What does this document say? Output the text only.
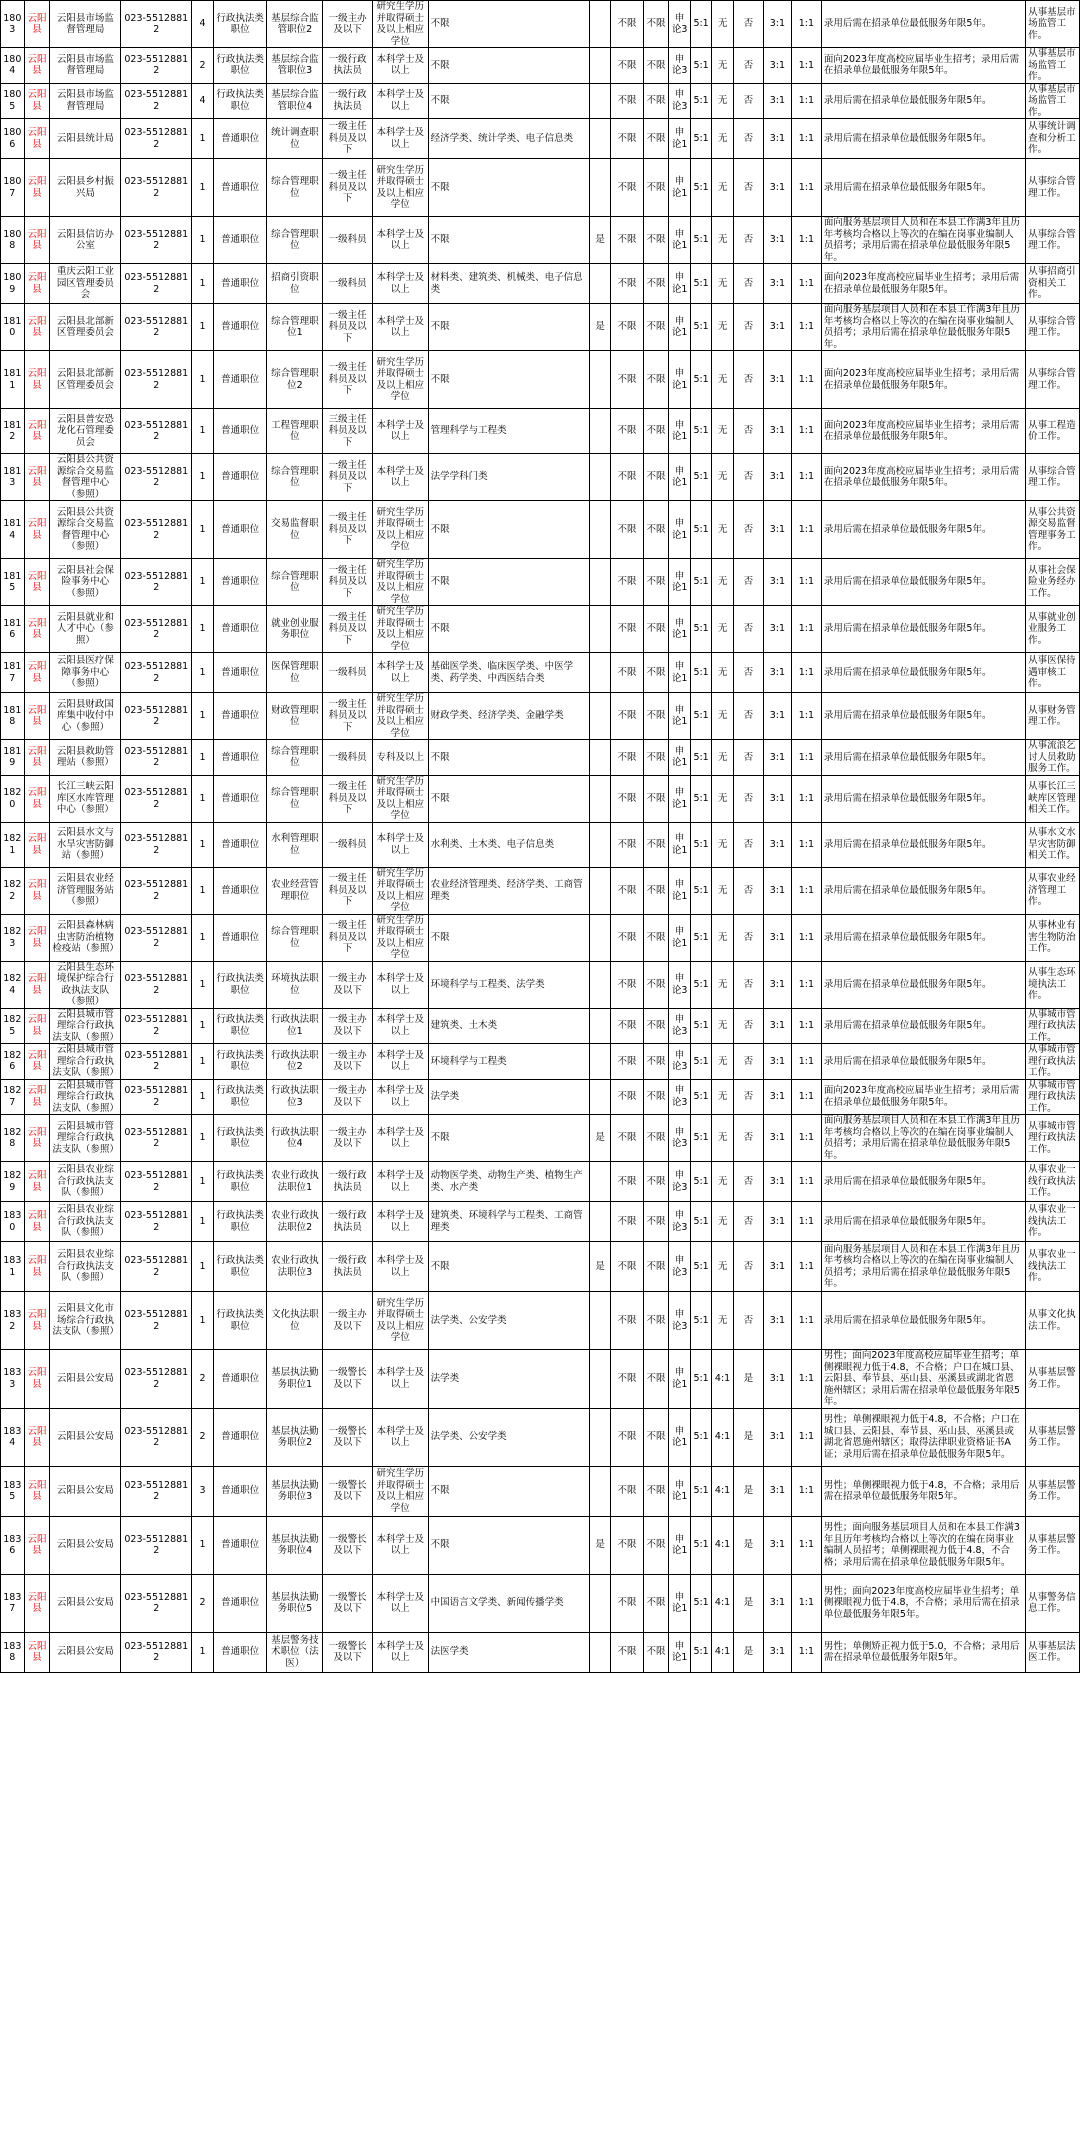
1803	云阳县	云阳县市场监督管理局	023-55128812	4	行政执法类职位	基层综合监管职位2	一级主办及以下	研究生学历并取得硕士及以上相应学位	不限		不限	不限	申论3	5:1	无	否	3:1	1:1	录用后需在招录单位最低服务年限5年。	从事基层市场监管工作。
1804	云阳县	云阳县市场监督管理局	023-55128812	2	行政执法类职位	基层综合监管职位3	一级行政执法员	本科学士及以上	不限		不限	不限	申论3	5:1	无	否	3:1	1:1	面向2023年度高校应届毕业生招考；录用后需在招录单位最低服务年限5年。	从事基层市场监管工作。
1805	云阳县	云阳县市场监督管理局	023-55128812	4	行政执法类职位	基层综合监管职位4	一级行政执法员	本科学士及以上	不限		不限	不限	申论3	5:1	无	否	3:1	1:1	录用后需在招录单位最低服务年限5年。	从事基层市场监管工作。
1806	云阳县	云阳县统计局	023-55128812	1	普通职位	统计调查职位	一级主任科员及以下	本科学士及以上	经济学类、统计学类、电子信息类		不限	不限	申论1	5:1	无	否	3:1	1:1	录用后需在招录单位最低服务年限5年。	从事统计调查和分析工作。
1807	云阳县	云阳县乡村振兴局	023-55128812	1	普通职位	综合管理职位	一级主任科员及以下	研究生学历并取得硕士及以上相应学位	不限		不限	不限	申论1	5:1	无	否	3:1	1:1	录用后需在招录单位最低服务年限5年。	从事综合管理工作。
1808	云阳县	云阳县信访办公室	023-55128812	1	普通职位	综合管理职位	一级科员	本科学士及以上	不限	是	不限	不限	申论1	5:1	无	否	3:1	1:1	面向服务基层项目人员和在本县工作满3年且历年考核均合格以上等次的在编在岗事业编制人员招考；录用后需在招录单位最低服务年限5年。	从事综合管理工作。
1809	云阳县	重庆云阳工业园区管理委员会	023-55128812	1	普通职位	招商引资职位	一级科员	本科学士及以上	材料类、建筑类、机械类、电子信息类		不限	不限	申论1	5:1	无	否	3:1	1:1	面向2023年度高校应届毕业生招考；录用后需在招录单位最低服务年限5年。	从事招商引资相关工作。
1810	云阳县	云阳县北部新区管理委员会	023-55128812	1	普通职位	综合管理职位1	一级主任科员及以下	本科学士及以上	不限	是	不限	不限	申论1	5:1	无	否	3:1	1:1	面向服务基层项目人员和在本县工作满3年且历年考核均合格以上等次的在编在岗事业编制人员招考；录用后需在招录单位最低服务年限5年。	从事综合管理工作。
1811	云阳县	云阳县北部新区管理委员会	023-55128812	1	普通职位	综合管理职位2	一级主任科员及以下	研究生学历并取得硕士及以上相应学位	不限		不限	不限	申论1	5:1	无	否	3:1	1:1	面向2023年度高校应届毕业生招考；录用后需在招录单位最低服务年限5年。	从事综合管理工作。
1812	云阳县	云阳县普安恐龙化石管理委员会	023-55128812	1	普通职位	工程管理职位	三级主任科员及以下	本科学士及以上	管理科学与工程类		不限	不限	申论1	5:1	无	否	3:1	1:1	面向2023年度高校应届毕业生招考；录用后需在招录单位最低服务年限5年。	从事工程造价工作。
1813	云阳县	云阳县公共资源综合交易监督管理中心（参照）	023-55128812	1	普通职位	综合管理职位	一级主任科员及以下	本科学士及以上	法学学科门类		不限	不限	申论1	5:1	无	否	3:1	1:1	面向2023年度高校应届毕业生招考；录用后需在招录单位最低服务年限5年。	从事综合管理工作。
1814	云阳县	云阳县公共资源综合交易监督管理中心（参照）	023-55128812	1	普通职位	交易监督职位	一级主任科员及以下	研究生学历并取得硕士及以上相应学位	不限		不限	不限	申论1	5:1	无	否	3:1	1:1	录用后需在招录单位最低服务年限5年。	从事公共资源交易监督管理事务工作。
1815	云阳县	云阳县社会保险事务中心（参照）	023-55128812	1	普通职位	综合管理职位	一级主任科员及以下	研究生学历并取得硕士及以上相应学位	不限		不限	不限	申论1	5:1	无	否	3:1	1:1	录用后需在招录单位最低服务年限5年。	从事社会保险业务经办工作。
1816	云阳县	云阳县就业和人才中心（参照）	023-55128812	1	普通职位	就业创业服务职位	一级主任科员及以下	研究生学历并取得硕士及以上相应学位	不限		不限	不限	申论1	5:1	无	否	3:1	1:1	录用后需在招录单位最低服务年限5年。	从事就业创业服务工作。
1817	云阳县	云阳县医疗保障事务中心（参照）	023-55128812	1	普通职位	医保管理职位	一级科员	本科学士及以上	基础医学类、临床医学类、中医学类、药学类、中西医结合类		不限	不限	申论1	5:1	无	否	3:1	1:1	录用后需在招录单位最低服务年限5年。	从事医保待遇审核工作。
1818	云阳县	云阳县财政国库集中收付中心（参照）	023-55128812	1	普通职位	财政管理职位	一级主任科员及以下	研究生学历并取得硕士及以上相应学位	财政学类、经济学类、金融学类		不限	不限	申论1	5:1	无	否	3:1	1:1	录用后需在招录单位最低服务年限5年。	从事财务管理工作。
1819	云阳县	云阳县救助管理站（参照）	023-55128812	1	普通职位	综合管理职位	一级科员	专科及以上	不限		不限	不限	申论1	5:1	无	否	3:1	1:1	录用后需在招录单位最低服务年限5年。	从事流浪乞讨人员救助服务工作。
1820	云阳县	长江三峡云阳库区水库管理中心（参照）	023-55128812	1	普通职位	综合管理职位	一级主任科员及以下	研究生学历并取得硕士及以上相应学位	不限		不限	不限	申论1	5:1	无	否	3:1	1:1	录用后需在招录单位最低服务年限5年。	从事长江三峡库区管理相关工作。
1821	云阳县	云阳县水文与水旱灾害防御站（参照）	023-55128812	1	普通职位	水利管理职位	一级科员	本科学士及以上	水利类、土木类、电子信息类		不限	不限	申论1	5:1	无	否	3:1	1:1	录用后需在招录单位最低服务年限5年。	从事水文水旱灾害防御相关工作。
1822	云阳县	云阳县农业经济管理服务站（参照）	023-55128812	1	普通职位	农业经营管理职位	一级主任科员及以下	研究生学历并取得硕士及以上相应学位	农业经济管理类、经济学类、工商管理类		不限	不限	申论1	5:1	无	否	3:1	1:1	录用后需在招录单位最低服务年限5年。	从事农业经济管理工作。
1823	云阳县	云阳县森林病虫害防治植物检疫站（参照）	023-55128812	1	普通职位	综合管理职位	一级主任科员及以下	研究生学历并取得硕士及以上相应学位	不限		不限	不限	申论1	5:1	无	否	3:1	1:1	录用后需在招录单位最低服务年限5年。	从事林业有害生物防治工作。
1824	云阳县	云阳县生态环境保护综合行政执法支队（参照）	023-55128812	1	行政执法类职位	环境执法职位	一级主办及以下	本科学士及以上	环境科学与工程类、法学类		不限	不限	申论3	5:1	无	否	3:1	1:1	录用后需在招录单位最低服务年限5年。	从事生态环境执法工作。
1825	云阳县	云阳县城市管理综合行政执法支队（参照）	023-55128812	1	行政执法类职位	行政执法职位1	一级主办及以下	本科学士及以上	建筑类、土木类		不限	不限	申论3	5:1	无	否	3:1	1:1	录用后需在招录单位最低服务年限5年。	从事城市管理行政执法工作。
1826	云阳县	云阳县城市管理综合行政执法支队（参照）	023-55128812	1	行政执法类职位	行政执法职位2	一级主办及以下	本科学士及以上	环境科学与工程类		不限	不限	申论3	5:1	无	否	3:1	1:1	录用后需在招录单位最低服务年限5年。	从事城市管理行政执法工作。
1827	云阳县	云阳县城市管理综合行政执法支队（参照）	023-55128812	1	行政执法类职位	行政执法职位3	一级主办及以下	本科学士及以上	法学类		不限	不限	申论3	5:1	无	否	3:1	1:1	面向2023年度高校应届毕业生招考；录用后需在招录单位最低服务年限5年。	从事城市管理行政执法工作。
1828	云阳县	云阳县城市管理综合行政执法支队（参照）	023-55128812	1	行政执法类职位	行政执法职位4	一级主办及以下	本科学士及以上	不限	是	不限	不限	申论3	5:1	无	否	3:1	1:1	面向服务基层项目人员和在本县工作满3年且历年考核均合格以上等次的在编在岗事业编制人员招考；录用后需在招录单位最低服务年限5年。	从事城市管理行政执法工作。
1829	云阳县	云阳县农业综合行政执法支队（参照）	023-55128812	1	行政执法类职位	农业行政执法职位1	一级行政执法员	本科学士及以上	动物医学类、动物生产类、植物生产类、水产类		不限	不限	申论3	5:1	无	否	3:1	1:1	录用后需在招录单位最低服务年限5年。	从事农业一线行政执法工作。
1830	云阳县	云阳县农业综合行政执法支队（参照）	023-55128812	1	行政执法类职位	农业行政执法职位2	一级行政执法员	本科学士及以上	建筑类、环境科学与工程类、工商管理类		不限	不限	申论3	5:1	无	否	3:1	1:1	录用后需在招录单位最低服务年限5年。	从事农业一线执法工作。
1831	云阳县	云阳县农业综合行政执法支队（参照）	023-55128812	1	行政执法类职位	农业行政执法职位3	一级行政执法员	本科学士及以上	不限	是	不限	不限	申论3	5:1	无	否	3:1	1:1	面向服务基层项目人员和在本县工作满3年且历年考核均合格以上等次的在编在岗事业编制人员招考；录用后需在招录单位最低服务年限5年。	从事农业一线执法工作。
1832	云阳县	云阳县文化市场综合行政执法支队（参照）	023-55128812	1	行政执法类职位	文化执法职位	一级主办及以下	研究生学历并取得硕士及以上相应学位	法学类、公安学类		不限	不限	申论3	5:1	无	否	3:1	1:1	录用后需在招录单位最低服务年限5年。	从事文化执法工作。
1833	云阳县	云阳县公安局	023-55128812	2	普通职位	基层执法勤务职位1	一级警长及以下	本科学士及以上	法学类		不限	不限	申论1	5:1	4:1	是	3:1	1:1	男性；面向2023年度高校应届毕业生招考；单侧裸眼视力低于4.8，不合格；户口在城口县、云阳县、奉节县、巫山县、巫溪县或湖北省恩施州辖区；录用后需在招录单位最低服务年限5年。	从事基层警务工作。
1834	云阳县	云阳县公安局	023-55128812	2	普通职位	基层执法勤务职位2	一级警长及以下	本科学士及以上	法学类、公安学类		不限	不限	申论1	5:1	4:1	是	3:1	1:1	男性；单侧裸眼视力低于4.8，不合格；户口在城口县、云阳县、奉节县、巫山县、巫溪县或湖北省恩施州辖区；取得法律职业资格证书A证；录用后需在招录单位最低服务年限5年。	从事基层警务工作。
1835	云阳县	云阳县公安局	023-55128812	3	普通职位	基层执法勤务职位3	一级警长及以下	研究生学历并取得硕士及以上相应学位	不限		不限	不限	申论1	5:1	4:1	是	3:1	1:1	男性；单侧裸眼视力低于4.8，不合格；录用后需在招录单位最低服务年限5年。	从事基层警务工作。
1836	云阳县	云阳县公安局	023-55128812	1	普通职位	基层执法勤务职位4	一级警长及以下	本科学士及以上	不限	是	不限	不限	申论1	5:1	4:1	是	3:1	1:1	男性；面向服务基层项目人员和在本县工作满3年且历年考核均合格以上等次的在编在岗事业编制人员招考；单侧裸眼视力低于4.8，不合格；录用后需在招录单位最低服务年限5年。	从事基层警务工作。
1837	云阳县	云阳县公安局	023-55128812	2	普通职位	基层执法勤务职位5	一级警长及以下	本科学士及以上	中国语言文学类、新闻传播学类		不限	不限	申论1	5:1	4:1	是	3:1	1:1	男性；面向2023年度高校应届毕业生招考；单侧裸眼视力低于4.8，不合格；录用后需在招录单位最低服务年限5年。	从事警务信息工作。
1838	云阳县	云阳县公安局	023-55128812	1	普通职位	基层警务技术职位（法医）	一级警长及以下	本科学士及以上	法医学类		不限	不限	申论1	5:1	4:1	是	3:1	1:1	男性；单侧矫正视力低于5.0，不合格；录用后需在招录单位最低服务年限5年。	从事基层法医工作。
